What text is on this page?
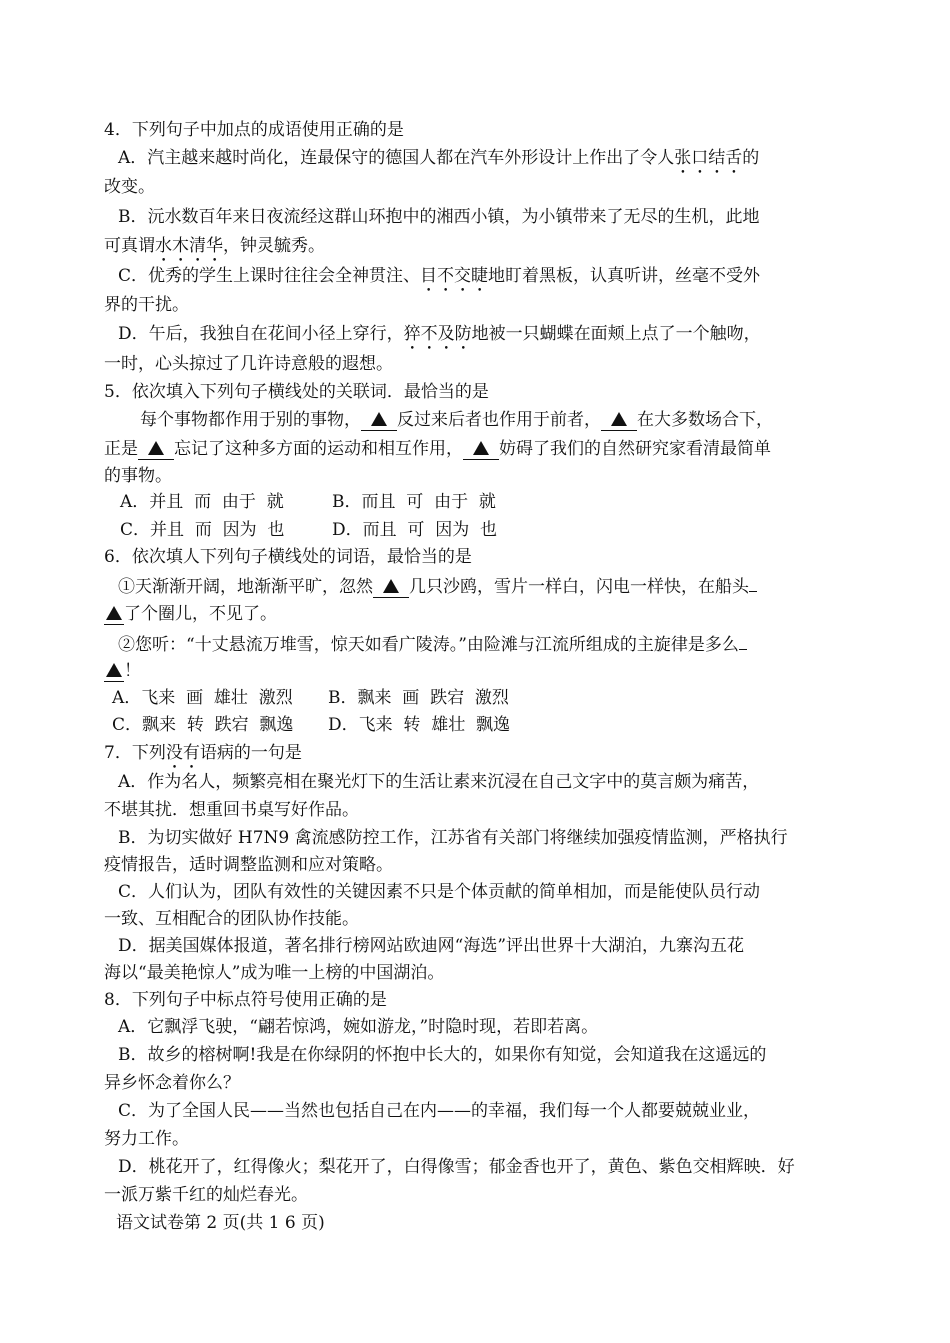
4．下列句子中加点的成语使用正确的是
A．汽主越来越时尚化，连最保守的德国人都在汽车外形设计上作出了令人张口结舌的
改变。
B．沅水数百年来日夜流经这群山环抱中的湘西小镇，为小镇带来了无尽的生机，此地
可真谓水木清华，钟灵毓秀。
C．优秀的学生上课时往往会全神贯注、目不交睫地盯着黑板，认真听讲，丝毫不受外
界的干扰。
D．午后，我独自在花间小径上穿行，猝不及防地被一只蝴蝶在面颊上点了一个触吻，
一时，心头掠过了几许诗意般的遐想。
5．依次填入下列句子横线处的关联词．最恰当的是
每个事物都作用于别的事物， 反过来后者也作用于前者， 在大多数场合下，
正是 忘记了这种多方面的运动和相互作用， 妨碍了我们的自然研究家看清最简单
的事物。
A．并且  而  由于  就	B．而且  可  由于  就
C．并且  而  因为  也	D．而且  可  因为  也
6．依次填人下列句子横线处的词语，最恰当的是
①天渐渐开阔，地渐渐平旷，忽然 几只沙鸥，雪片一样白，闪电一样快，在船头
了个圈儿，不见了。
②您听：“十丈悬流万堆雪，惊天如看广陵涛。”由险滩与江流所组成的主旋律是多么
！
A．飞来  画  雄壮  激烈 B．飘来  画  跌宕  激烈
C．飘来  转  跌宕  飘逸 D．飞来  转  雄壮  飘逸
7．下列没有语病的一句是
A．作为名人，频繁亮相在聚光灯下的生活让素来沉浸在自己文字中的莫言颇为痛苦，
不堪其扰．想重回书桌写好作品。
B．为切实做好 H7N9 禽流感防控工作，江苏省有关部门将继续加强疫情监测，严格执行
疫情报告，适时调整监测和应对策略。
C．人们认为，团队有效性的关键因素不只是个体贡献的简单相加，而是能使队员行动
一致、互相配合的团队协作技能。
D．据美国媒体报道，著名排行榜网站欧迪网“海选”评出世界十大湖泊，九寨沟五花
海以“最美艳惊人”成为唯一上榜的中国湖泊。
8．下列句子中标点符号使用正确的是
A．它飘浮飞驶，“翩若惊鸿，婉如游龙，”时隐时现，若即若离。
B．故乡的榕树啊!我是在你绿阴的怀抱中长大的，如果你有知觉，会知道我在这遥远的
异乡怀念着你么？
C．为了全国人民——当然也包括自己在内——的幸福，我们每一个人都要兢兢业业，
努力工作。
D．桃花开了，红得像火；梨花开了，白得像雪；郁金香也开了，黄色、紫色交相辉映．好
一派万紫千红的灿烂春光。
语文试卷第 2 页(共 1 6 页)
